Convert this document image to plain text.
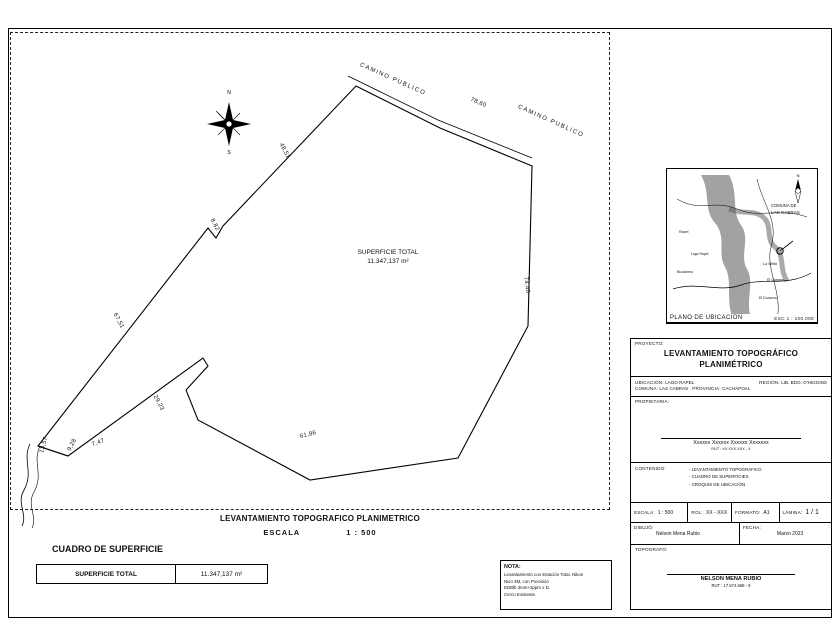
N
S
CAMINO PUBLICO
CAMINO PUBLICO
78,60
48,51
8,82
67,51
29,23
13,57	9,28 7,47
61,86
74,40
SUPERFICIE TOTAL
11.347,137 m²
LEVANTAMIENTO TOPOGRAFICO PLANIMETRICO
ESCALA	1 : 500
CUADRO DE SUPERFICIE
SUPERFICIE TOTAL	11.347,137 m²
NOTA:
Levantamiento con Estación Total, Nikon
Nivo 3M, con Precisión
EDBlb 3mm+2ppm x D.
Cerco Existente.
N
COMUNA DE
LAS CABRAS
Rapel
La Viñita
El Carmen
El Durazno
Bucalemu
Lago Rapel
PLANO DE UBICACION	ESC 1 : 100.000
PROYECTO:
LEVANTAMIENTO TOPOGRÁFICO
PLANIMÉTRICO
UBICACIÓN: LAGO RAPEL	REGIÓN: LIB. BDO. O'HIGGINS
COMUNA: LAS CABRAS PROVINCIA: CACHAPOAL
PROPIETARIA:
Xxxxxx Xxxxxx Xxxxxx Xxxxxxx
RUT : XX.XXX.XXX - X
CONTENIDO:	- LEVANTAMIENTO TOPOGRAFICO
- CUADRO DE SUPERFICIES
- CROQUIS DE UBICACIÓN
ESCALA: 1 : 500	ROL: XX - XXX FORMATO: A1	LÁMINA: 1 / 1
DIBUJÓ:
Nelson Mena Rubio
FECHA:
Marzo 2023
TOPOGRAFO:
NELSON MENA RUBIO
RUT : 17.574.568 - 9
